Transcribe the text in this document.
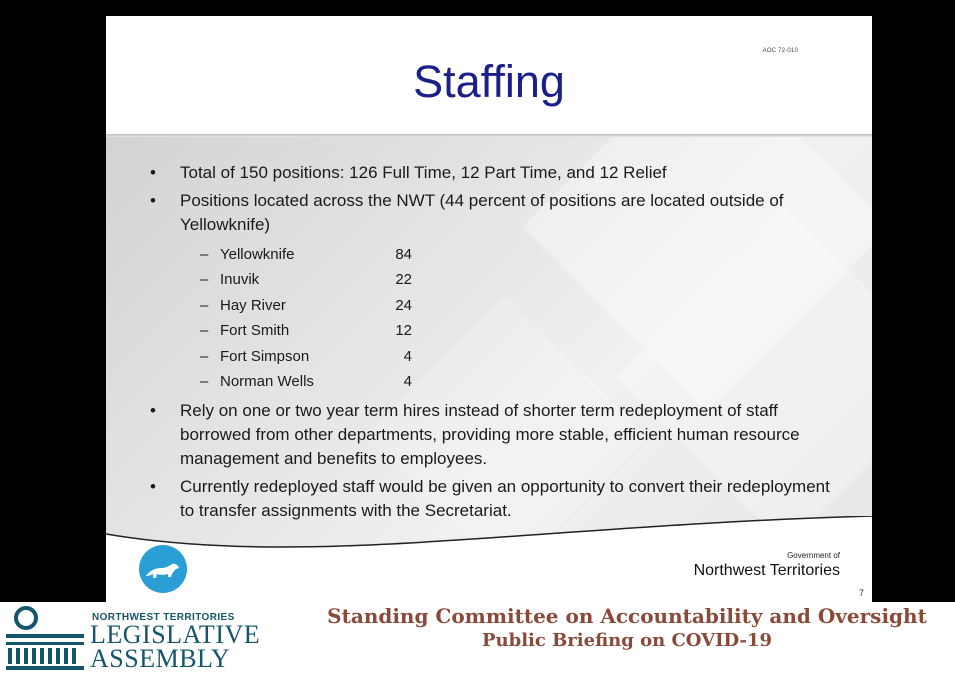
AOC 72-010
Staffing
• Total of 150 positions: 126 Full Time, 12 Part Time, and 12 Relief
• Positions located across the NWT (44 percent of positions are located outside of Yellowknife)
– Yellowknife	84
– Inuvik	22
– Hay River	24
– Fort Smith	12
– Fort Simpson	4
– Norman Wells	4
• Rely on one or two year term hires instead of shorter term redeployment of staff borrowed from other departments, providing more stable, efficient human resource management and benefits to employees.
• Currently redeployed staff would be given an opportunity to convert their redeployment to transfer assignments with the Secretariat.
Government of
Northwest Territories
7
NORTHWEST TERRITORIES
LEGISLATIVE
ASSEMBLY
Standing Committee on Accountability and Oversight
Public Briefing on COVID-19
